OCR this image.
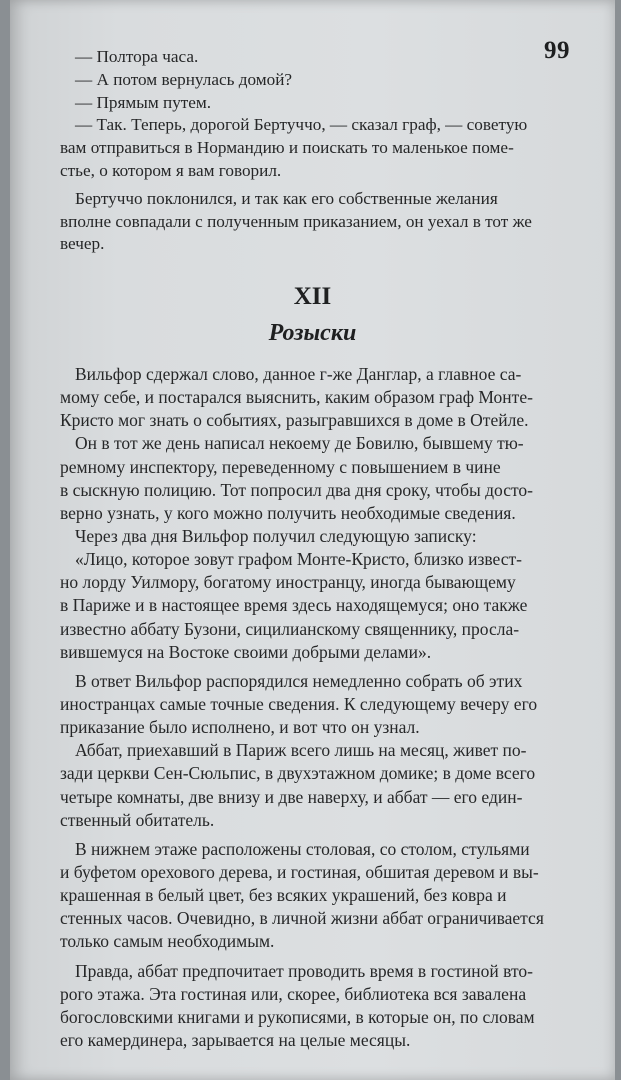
99
— Полтора часа.
— А потом вернулась домой?
— Прямым путем.
— Так. Теперь, дорогой Бертуччо, — сказал граф, — советую
вам отправиться в Нормандию и поискать то маленькое поме-
стье, о котором я вам говорил.
Бертуччо поклонился, и так как его собственные желания
вполне совпадали с полученным приказанием, он уехал в тот же
вечер.
XII
Розыски
Вильфор сдержал слово, данное г-же Данглар, а главное са-
мому себе, и постарался выяснить, каким образом граф Монте-
Кристо мог знать о событиях, разыгравшихся в доме в Отейле.
Он в тот же день написал некоему де Бовилю, бывшему тю-
ремному инспектору, переведенному с повышением в чине
в сыскную полицию. Тот попросил два дня сроку, чтобы досто-
верно узнать, у кого можно получить необходимые сведения.
Через два дня Вильфор получил следующую записку:
«Лицо, которое зовут графом Монте-Кристо, близко извест-
но лорду Уилмору, богатому иностранцу, иногда бывающему
в Париже и в настоящее время здесь находящемуся; оно также
известно аббату Бузони, сицилианскому священнику, просла-
вившемуся на Востоке своими добрыми делами».
В ответ Вильфор распорядился немедленно собрать об этих
иностранцах самые точные сведения. К следующему вечеру его
приказание было исполнено, и вот что он узнал.
Аббат, приехавший в Париж всего лишь на месяц, живет по-
зади церкви Сен-Сюльпис, в двухэтажном домике; в доме всего
четыре комнаты, две внизу и две наверху, и аббат — его един-
ственный обитатель.
В нижнем этаже расположены столовая, со столом, стульями
и буфетом орехового дерева, и гостиная, обшитая деревом и вы-
крашенная в белый цвет, без всяких украшений, без ковра и
стенных часов. Очевидно, в личной жизни аббат ограничивается
только самым необходимым.
Правда, аббат предпочитает проводить время в гостиной вто-
рого этажа. Эта гостиная или, скорее, библиотека вся завалена
богословскими книгами и рукописями, в которые он, по словам
его камердинера, зарывается на целые месяцы.
